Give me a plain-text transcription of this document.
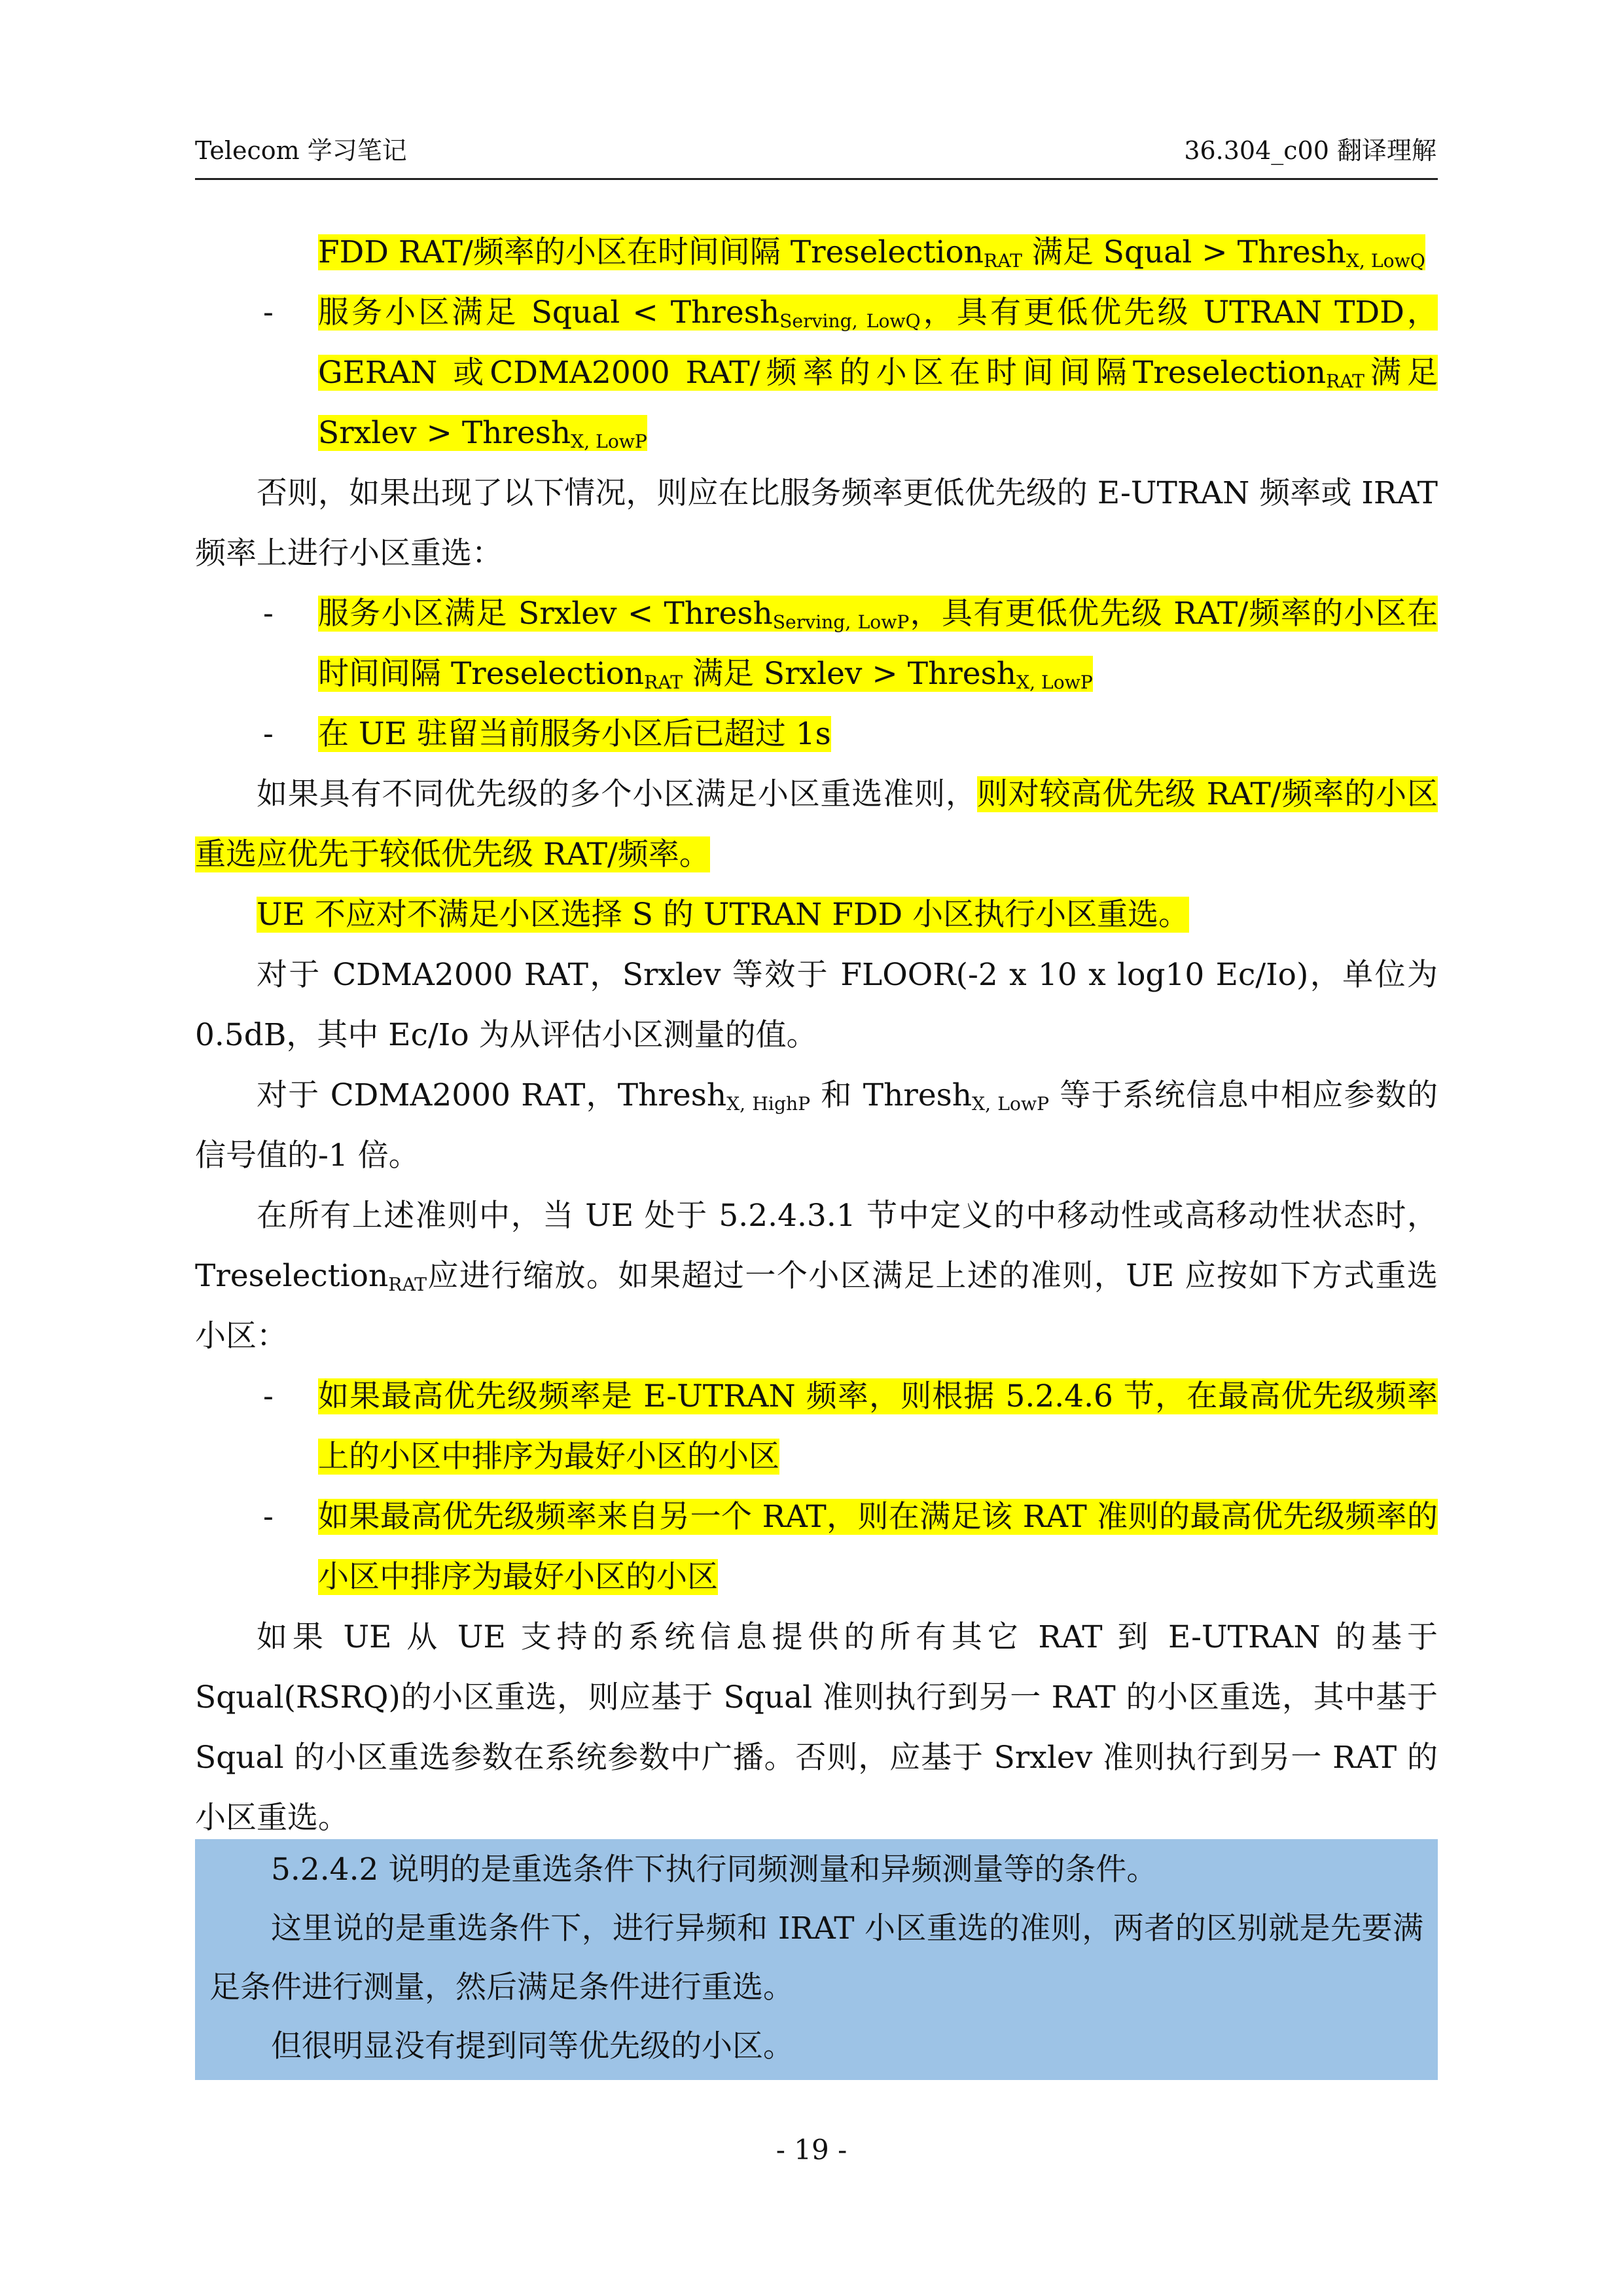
Telecom 学习笔记	36.304_c00 翻译理解

FDD RAT/频率的小区在时间间隔 Treselection$_{RAT}$ 满足 Squal > Thresh$_{X, LowQ}$

- 服务小区满足 Squal < Thresh$_{Serving, LowQ}$，具有更低优先级 UTRAN TDD，GERAN 或CDMA2000 RAT/频率的小区在时间间隔Treselection$_{RAT}$满足 Srxlev > Thresh$_{X, LowP}$

否则，如果出现了以下情况，则应在比服务频率更低优先级的 E-UTRAN 频率或 IRAT 频率上进行小区重选：

- 服务小区满足 Srxlev < Thresh$_{Serving, LowP}$，具有更低优先级 RAT/频率的小区在时间间隔 Treselection$_{RAT}$ 满足 Srxlev > Thresh$_{X, LowP}$

- 在 UE 驻留当前服务小区后已超过 1s

如果具有不同优先级的多个小区满足小区重选准则，则对较高优先级 RAT/频率的小区重选应优先于较低优先级 RAT/频率。

UE 不应对不满足小区选择 S 的 UTRAN FDD 小区执行小区重选。

对于 CDMA2000 RAT，Srxlev 等效于 FLOOR(-2 x 10 x log10 Ec/Io)，单位为 0.5dB，其中 Ec/Io 为从评估小区测量的值。

对于 CDMA2000 RAT，Thresh$_{X, HighP}$ 和 Thresh$_{X, LowP}$ 等于系统信息中相应参数的信号值的-1 倍。

在所有上述准则中，当 UE 处于 5.2.4.3.1 节中定义的中移动性或高移动性状态时，Treselection$_{RAT}$应进行缩放。如果超过一个小区满足上述的准则，UE 应按如下方式重选小区：

- 如果最高优先级频率是 E-UTRAN 频率，则根据 5.2.4.6 节，在最高优先级频率上的小区中排序为最好小区的小区

- 如果最高优先级频率来自另一个 RAT，则在满足该 RAT 准则的最高优先级频率的小区中排序为最好小区的小区

如果 UE 从 UE 支持的系统信息提供的所有其它 RAT 到 E-UTRAN 的基于 Squal(RSRQ)的小区重选，则应基于 Squal 准则执行到另一 RAT 的小区重选，其中基于 Squal 的小区重选参数在系统参数中广播。否则，应基于 Srxlev 准则执行到另一 RAT 的小区重选。

5.2.4.2 说明的是重选条件下执行同频测量和异频测量等的条件。

这里说的是重选条件下，进行异频和 IRAT 小区重选的准则，两者的区别就是先要满足条件进行测量，然后满足条件进行重选。

但很明显没有提到同等优先级的小区。

- 19 -
